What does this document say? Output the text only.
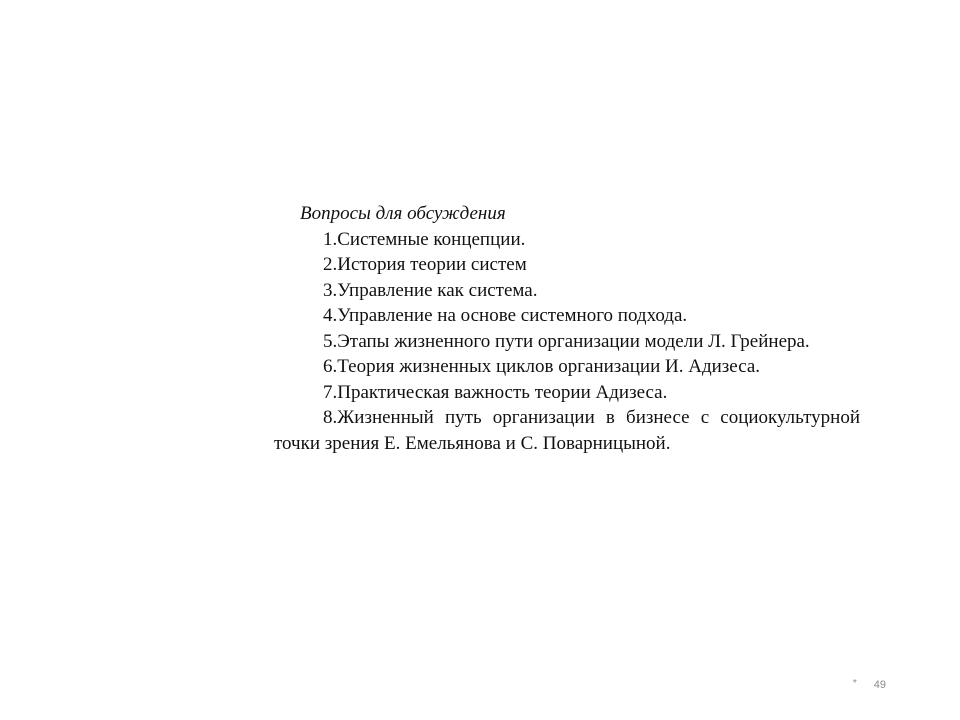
Вопросы для обсуждения

1.Системные концепции.

2.История теории систем

3.Управление как система.

4.Управление на основе системного подхода.

5.Этапы жизненного пути организации модели Л. Грейнера.

6.Теория жизненных циклов организации И. Адизеса.

7.Практическая важность теории Адизеса.

8.Жизненный путь организации в бизнесе с социокультурной точки зрения Е. Емельянова и С. Поварницыной.

* 49
